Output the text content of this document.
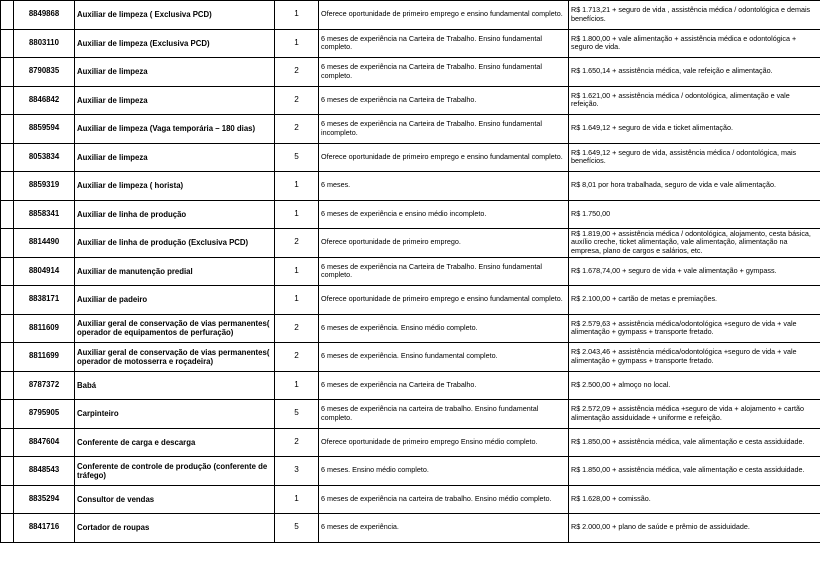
	8849868	Auxiliar de limpeza ( Exclusiva PCD)	1	Oferece oportunidade de primeiro emprego e ensino fundamental completo.	R$ 1.713,21 + seguro de vida , assistência médica / odontológica e demais benefícios.
	8803110	Auxiliar de limpeza (Exclusiva PCD)	1	6 meses de experiência na Carteira de Trabalho. Ensino fundamental completo.	R$ 1.800,00 + vale alimentação + assistência médica e odontológica + seguro de vida.
	8790835	Auxiliar de limpeza	2	6 meses de experiência na Carteira de Trabalho. Ensino fundamental completo.	R$ 1.650,14 + assistência médica, vale refeição e alimentação.
	8846842	Auxiliar de limpeza	2	6 meses de experiência na Carteira de Trabalho.	R$ 1.621,00 + assistência médica / odontológica, alimentação e vale refeição.
	8859594	Auxiliar de limpeza (Vaga temporária – 180 dias)	2	6 meses de experiência na Carteira de Trabalho. Ensino fundamental incompleto.	R$ 1.649,12 + seguro de vida e ticket alimentação.
	8053834	Auxiliar de limpeza	5	Oferece oportunidade de primeiro emprego e ensino fundamental completo.	R$ 1.649,12 + seguro de vida, assistência médica / odontológica, mais benefícios.
	8859319	Auxiliar de limpeza ( horista)	1	6 meses.	R$ 8,01 por hora trabalhada, seguro de vida e vale alimentação.
	8858341	Auxiliar de linha de produção	1	6 meses de experiência e ensino médio incompleto.	R$ 1.750,00
	8814490	Auxiliar de linha de produção (Exclusiva PCD)	2	Oferece oportunidade de primeiro emprego.	R$ 1.819,00 + assistência médica / odontológica, alojamento, cesta básica, auxílio creche, ticket alimentação, vale alimentação, alimentação na empresa, plano de cargos e salários, etc.
	8804914	Auxiliar de manutenção predial	1	6 meses de experiência na Carteira de Trabalho. Ensino fundamental completo.	R$ 1.678,74,00 + seguro de vida + vale alimentação + gympass.
	8838171	Auxiliar de padeiro	1	Oferece oportunidade de primeiro emprego e ensino fundamental completo.	R$ 2.100,00 + cartão de metas e premiações.
	8811609	Auxiliar geral de conservação de vias permanentes( operador de equipamentos de perfuração)	2	6 meses de experiência. Ensino médio completo.	R$ 2.579,63 + assistência médica/odontológica +seguro de vida + vale alimentação + gympass + transporte fretado.
	8811699	Auxiliar geral de conservação de vias permanentes( operador de motosserra e roçadeira)	2	6 meses de experiência. Ensino fundamental completo.	R$ 2.043,46 + assistência médica/odontológica +seguro de vida + vale alimentação + gympass + transporte fretado.
	8787372	Babá	1	6 meses de experiência na Carteira de Trabalho.	R$ 2.500,00 + almoço no local.
	8795905	Carpinteiro	5	6 meses de experiência na carteira de trabalho. Ensino fundamental completo.	R$ 2.572,09 + assistência médica +seguro de vida + alojamento + cartão alimentação assiduidade + uniforme e refeição.
	8847604	Conferente de carga e descarga	2	Oferece oportunidade de primeiro emprego Ensino médio completo.	R$ 1.850,00 + assistência médica, vale alimentação e cesta assiduidade.
	8848543	Conferente de controle de produção (conferente de tráfego)	3	6 meses. Ensino médio completo.	R$ 1.850,00 + assistência médica, vale alimentação e cesta assiduidade.
	8835294	Consultor de vendas	1	6 meses de experiência na carteira de trabalho. Ensino médio completo.	R$ 1.628,00 + comissão.
	8841716	Cortador de roupas	5	6 meses de experiência.	R$ 2.000,00 + plano de saúde e prêmio de assiduidade.
